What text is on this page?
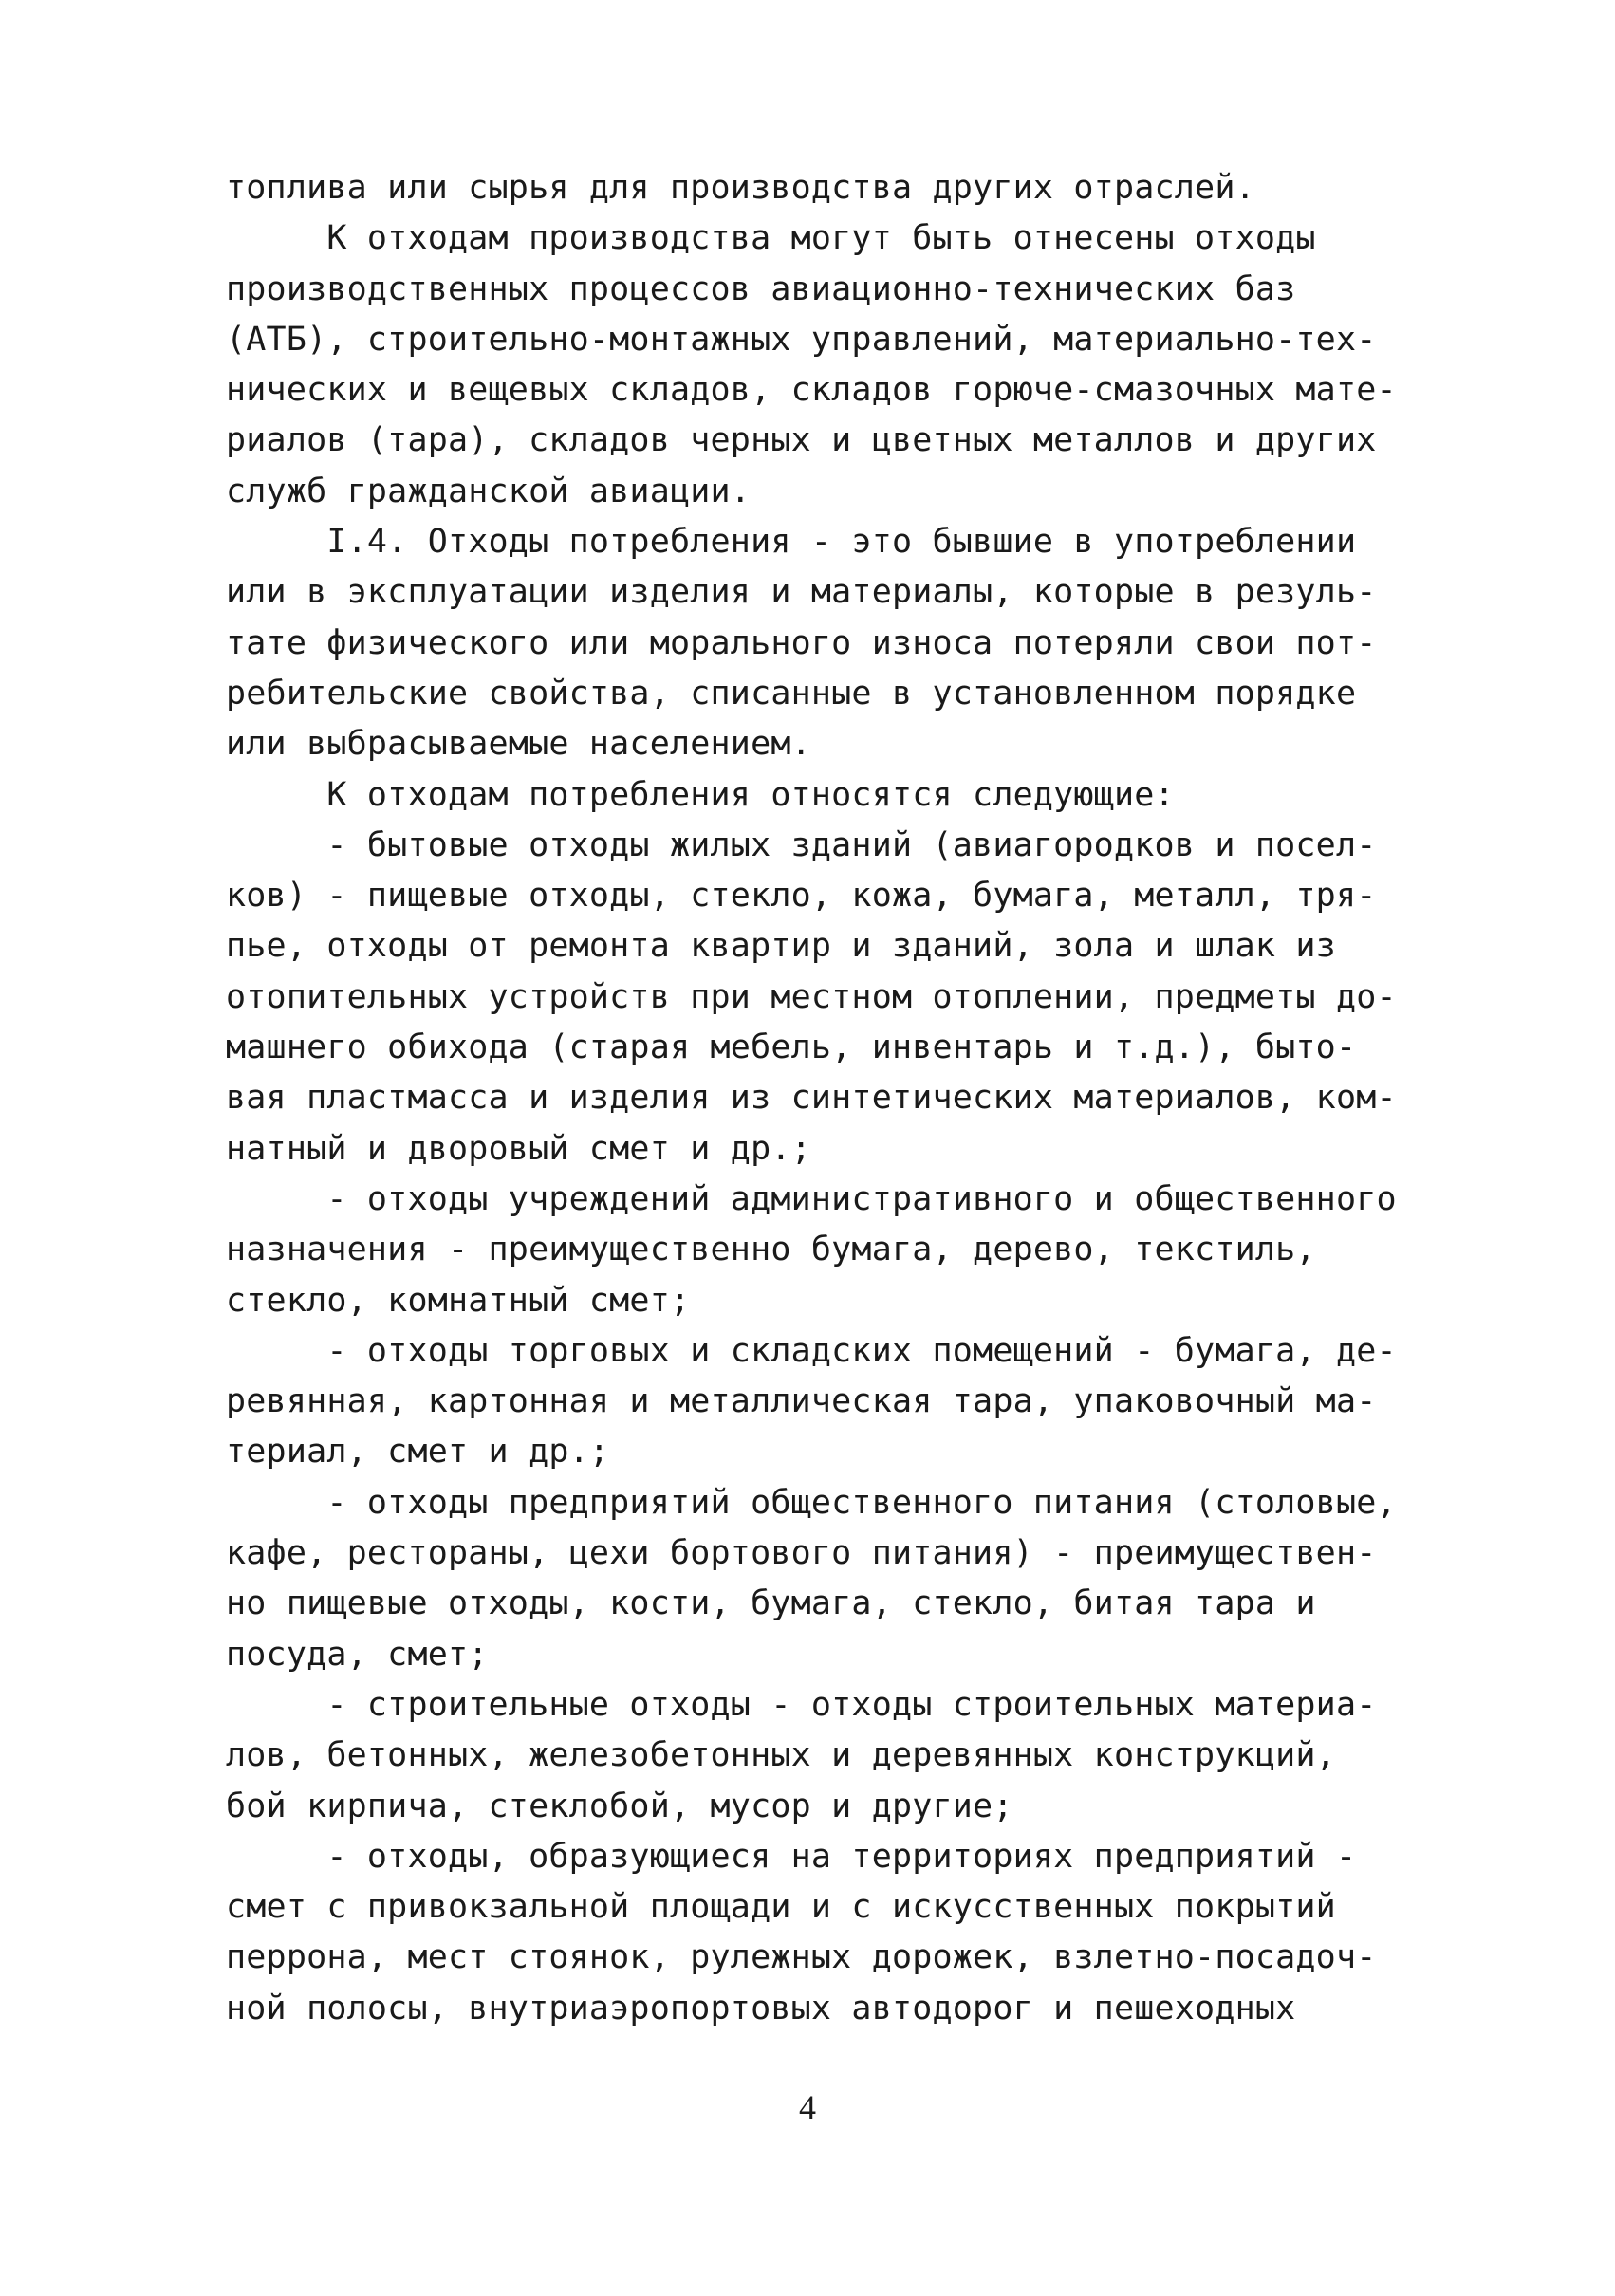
топлива или сырья для производства других отраслей.
К отходам производства могут быть отнесены отходы
производственных процессов авиационно-технических баз
(АТБ), строительно-монтажных управлений, материально-тех-
нических и вещевых складов, складов горюче-смазочных мате-
риалов (тара), складов черных и цветных металлов и других
служб гражданской авиации.
I.4. Отходы потребления - это бывшие в употреблении
или в эксплуатации изделия и материалы, которые в резуль-
тате физического или морального износа потеряли свои пот-
ребительские свойства, списанные в установленном порядке
или выбрасываемые населением.
К отходам потребления относятся следующие:
- бытовые отходы жилых зданий (авиагородков и посел-
ков) - пищевые отходы, стекло, кожа, бумага, металл, тря-
пье, отходы от ремонта квартир и зданий, зола и шлак из
отопительных устройств при местном отоплении, предметы до-
машнего обихода (старая мебель, инвентарь и т.д.), быто-
вая пластмасса и изделия из синтетических материалов, ком-
натный и дворовый смет и др.;
- отходы учреждений административного и общественного
назначения - преимущественно бумага, дерево, текстиль,
стекло, комнатный смет;
- отходы торговых и складских помещений - бумага, де-
ревянная, картонная и металлическая тара, упаковочный ма-
териал, смет и др.;
- отходы предприятий общественного питания (столовые,
кафе, рестораны, цехи бортового питания) - преимуществен-
но пищевые отходы, кости, бумага, стекло, битая тара и
посуда, смет;
- строительные отходы - отходы строительных материа-
лов, бетонных, железобетонных и деревянных конструкций,
бой кирпича, стеклобой, мусор и другие;
- отходы, образующиеся на территориях предприятий -
смет с привокзальной площади и с искусственных покрытий
перрона, мест стоянок, рулежных дорожек, взлетно-посадоч-
ной полосы, внутриаэропортовых автодорог и пешеходных
4
